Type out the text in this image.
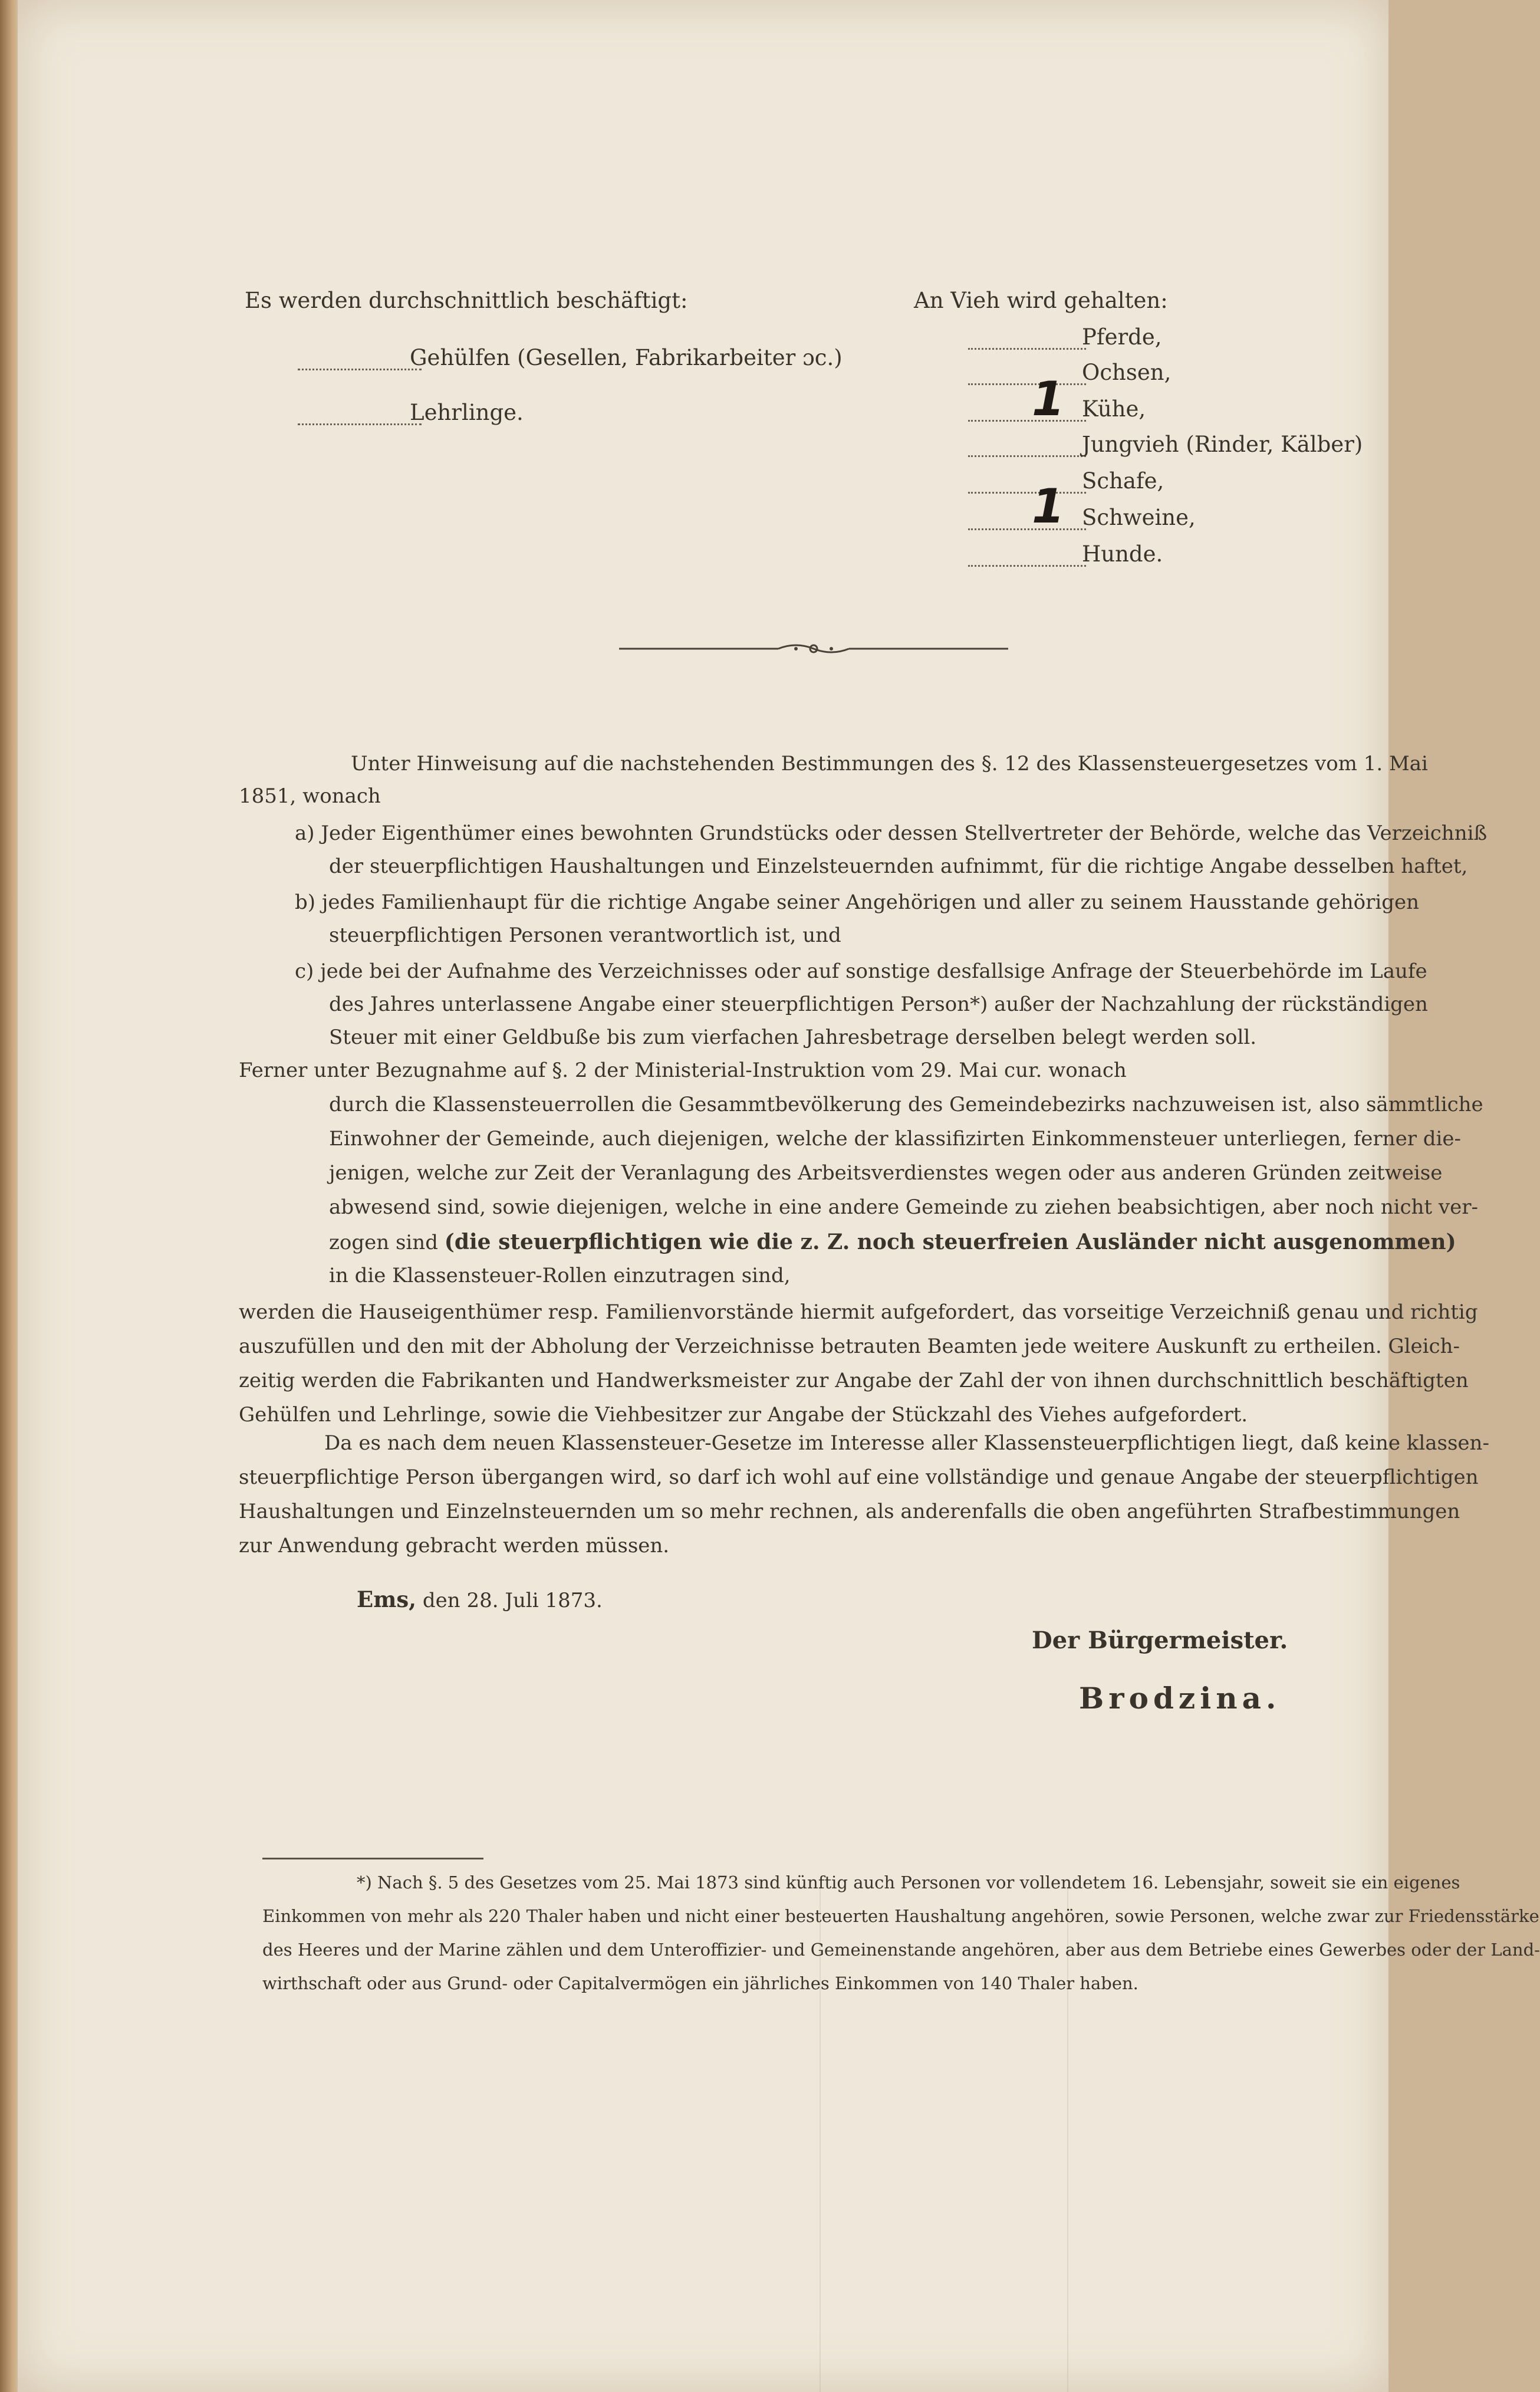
Es werden durchschnittlich beschäftigt:
Gehülfen (Gesellen, Fabrikarbeiter ɔc.)
Lehrlinge.
An Vieh wird gehalten:
Pferde,
Ochsen,
1 Kühe,
Jungvieh (Rinder, Kälber)
Schafe,
1 Schweine,
Hunde.
Unter Hinweisung auf die nachstehenden Bestimmungen des §. 12 des Klassensteuergesetzes vom 1. Mai
1851, wonach
a) Jeder Eigenthümer eines bewohnten Grundstücks oder dessen Stellvertreter der Behörde, welche das Verzeichniß
der steuerpflichtigen Haushaltungen und Einzelsteuernden aufnimmt, für die richtige Angabe desselben haftet,
b) jedes Familienhaupt für die richtige Angabe seiner Angehörigen und aller zu seinem Hausstande gehörigen
steuerpflichtigen Personen verantwortlich ist, und
c) jede bei der Aufnahme des Verzeichnisses oder auf sonstige desfallsige Anfrage der Steuerbehörde im Laufe
des Jahres unterlassene Angabe einer steuerpflichtigen Person*) außer der Nachzahlung der rückständigen
Steuer mit einer Geldbuße bis zum vierfachen Jahresbetrage derselben belegt werden soll.
Ferner unter Bezugnahme auf §. 2 der Ministerial-Instruktion vom 29. Mai cur. wonach
durch die Klassensteuerrollen die Gesammtbevölkerung des Gemeindebezirks nachzuweisen ist, also sämmtliche
Einwohner der Gemeinde, auch diejenigen, welche der klassifizirten Einkommensteuer unterliegen, ferner die-
jenigen, welche zur Zeit der Veranlagung des Arbeitsverdienstes wegen oder aus anderen Gründen zeitweise
abwesend sind, sowie diejenigen, welche in eine andere Gemeinde zu ziehen beabsichtigen, aber noch nicht ver-
zogen sind (die steuerpflichtigen wie die z. Z. noch steuerfreien Ausländer nicht ausgenommen)
in die Klassensteuer-Rollen einzutragen sind,
werden die Hauseigenthümer resp. Familienvorstände hiermit aufgefordert, das vorseitige Verzeichniß genau und richtig
auszufüllen und den mit der Abholung der Verzeichnisse betrauten Beamten jede weitere Auskunft zu ertheilen. Gleich-
zeitig werden die Fabrikanten und Handwerksmeister zur Angabe der Zahl der von ihnen durchschnittlich beschäftigten
Gehülfen und Lehrlinge, sowie die Viehbesitzer zur Angabe der Stückzahl des Viehes aufgefordert.
Da es nach dem neuen Klassensteuer-Gesetze im Interesse aller Klassensteuerpflichtigen liegt, daß keine klassen-
steuerpflichtige Person übergangen wird, so darf ich wohl auf eine vollständige und genaue Angabe der steuerpflichtigen
Haushaltungen und Einzelnsteuernden um so mehr rechnen, als anderenfalls die oben angeführten Strafbestimmungen
zur Anwendung gebracht werden müssen.
Ems, den 28. Juli 1873.
Der Bürgermeister.
Brodzina.
*) Nach §. 5 des Gesetzes vom 25. Mai 1873 sind künftig auch Personen vor vollendetem 16. Lebensjahr, soweit sie ein eigenes
Einkommen von mehr als 220 Thaler haben und nicht einer besteuerten Haushaltung angehören, sowie Personen, welche zwar zur Friedensstärke
des Heeres und der Marine zählen und dem Unteroffizier- und Gemeinenstande angehören, aber aus dem Betriebe eines Gewerbes oder der Land-
wirthschaft oder aus Grund- oder Capitalvermögen ein jährliches Einkommen von 140 Thaler haben.
